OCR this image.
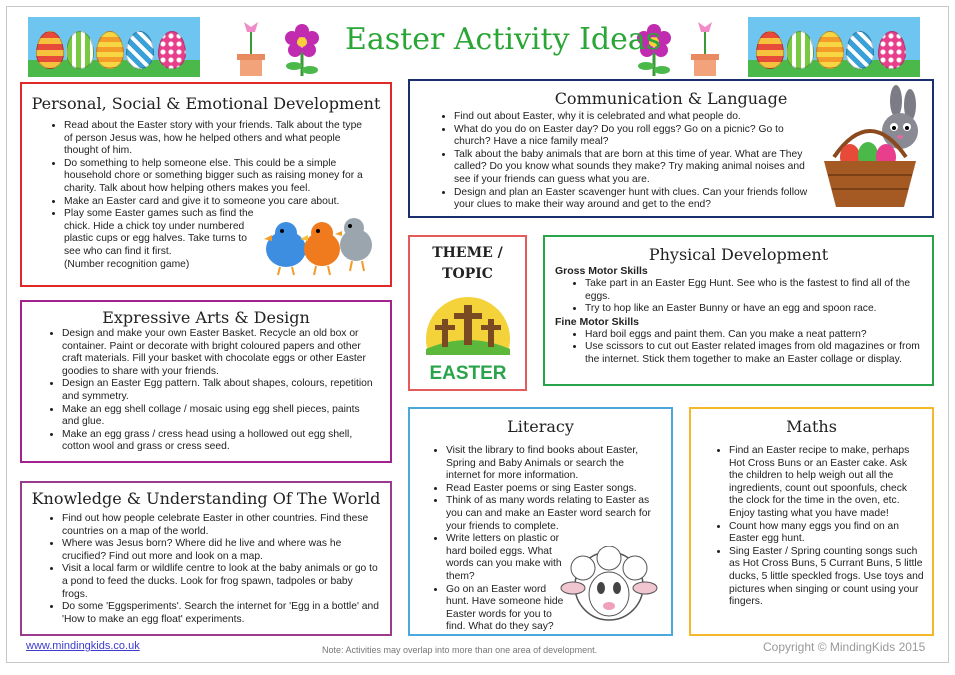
Easter Activity Ideas
Personal, Social & Emotional Development
• Read about the Easter story with your friends. Talk about the type of person Jesus was, how he helped others and what people thought of him.
• Do something to help someone else. This could be a simple household chore or something bigger such as raising money for a charity. Talk about how helping others makes you feel.
• Make an Easter card and give it to someone you care about.
• Play some Easter games such as find the chick. Hide a chick toy under numbered plastic cups or egg halves. Take turns to see who can find it first.
(Number recognition game)
Expressive Arts & Design
• Design and make your own Easter Basket. Recycle an old box or container. Paint or decorate with bright coloured papers and other craft materials. Fill your basket with chocolate eggs or other Easter goodies to share with your friends.
• Design an Easter Egg pattern. Talk about shapes, colours, repetition and symmetry.
• Make an egg shell collage / mosaic using egg shell pieces, paints and glue.
• Make an egg grass / cress head using a hollowed out egg shell, cotton wool and grass or cress seed.
Knowledge & Understanding Of The World
• Find out how people celebrate Easter in other countries. Find these countries on a map of the world.
• Where was Jesus born? Where did he live and where was he crucified? Find out more and look on a map.
• Visit a local farm or wildlife centre to look at the baby animals or go to a pond to feed the ducks. Look for frog spawn, tadpoles or baby frogs.
• Do some 'Eggsperiments'. Search the internet for 'Egg in a bottle' and 'How to make an egg float' experiments.
Communication & Language
• Find out about Easter, why it is celebrated and what people do.
• What do you do on Easter day? Do you roll eggs? Go on a picnic? Go to church? Have a nice family meal?
• Talk about the baby animals that are born at this time of year. What are They called? Do you know what sounds they make? Try making animal noises and see if your friends can guess what you are.
• Design and plan an Easter scavenger hunt with clues. Can your friends follow your clues to make their way around and get to the end?
THEME /
TOPIC
EASTER
Physical Development
Gross Motor Skills
• Take part in an Easter Egg Hunt. See who is the fastest to find all of the eggs.
• Try to hop like an Easter Bunny or have an egg and spoon race.
Fine Motor Skills
• Hard boil eggs and paint them. Can you make a neat pattern?
• Use scissors to cut out Easter related images from old magazines or from the internet. Stick them together to make an Easter collage or display.
Literacy
• Visit the library to find books about Easter, Spring and Baby Animals or search the internet for more information.
• Read Easter poems or sing Easter songs.
• Think of as many words relating to Easter as you can and make an Easter word search for your friends to complete.
• Write letters on plastic or hard boiled eggs. What words can you make with them?
• Go on an Easter word hunt. Have someone hide Easter words for you to find. What do they say?
Maths
• Find an Easter recipe to make, perhaps Hot Cross Buns or an Easter cake. Ask the children to help weigh out all the ingredients, count out spoonfuls, check the clock for the time in the oven, etc. Enjoy tasting what you have made!
• Count how many eggs you find on an Easter egg hunt.
• Sing Easter / Spring counting songs such as Hot Cross Buns, 5 Currant Buns, 5 little ducks, 5 little speckled frogs. Use toys and pictures when singing or count using your fingers.
www.mindingkids.co.uk	Note: Activities may overlap into more than one area of development.	Copyright © MindingKids 2015
